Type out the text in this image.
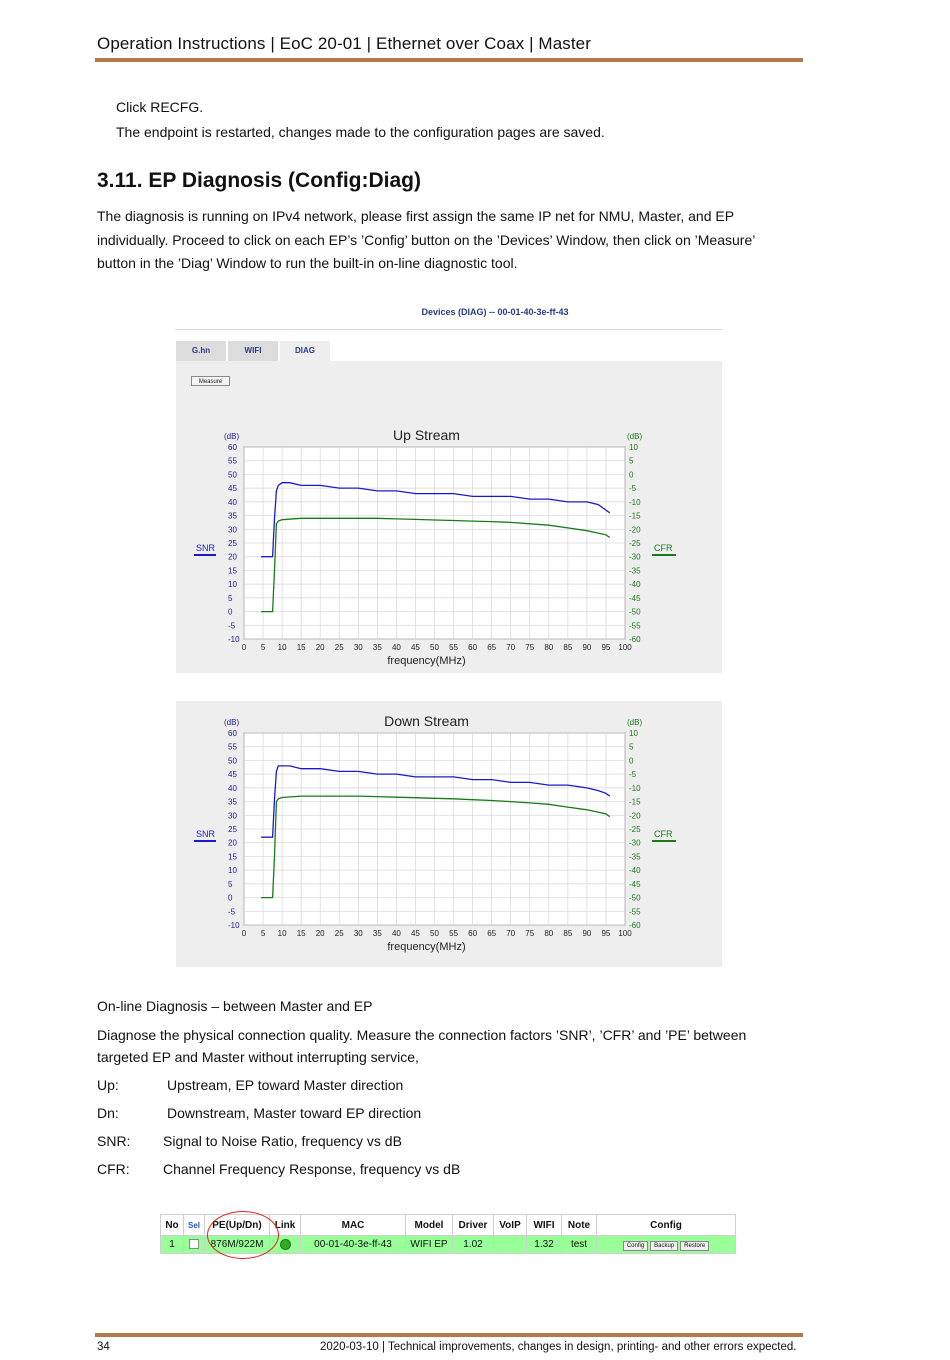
Operation Instructions | EoC 20-01 | Ethernet over Coax | Master
Click RECFG.
The endpoint is restarted, changes made to the configuration pages are saved.
3.11. EP Diagnosis (Config:Diag)
The diagnosis is running on IPv4 network, please first assign the same IP net for NMU, Master, and EP individually. Proceed to click on each EP’s ’Config’ button on the ’Devices’ Window, then click on ’Measure’ button in the ’Diag’ Window to run the built-in on-line diagnostic tool.
Devices (DIAG) -- 00-01-40-3e-ff-43
G.hn	WIFI	DIAG
Measure
0 5 10 15 20 25 30 35 40 45 50 55 60 65 70 75 80 85 90 95 100
60	10
55	5
50	0
45	-5
40	-10
35	-15
30	-20
25	-25
20	-30
15	-35
10	-40
5	-45
0	-50
-5	-55
-10	-60
(dB)	(dB)
Up Stream
frequency(MHz)
SNR	CFR
0 5 10 15 20 25 30 35 40 45 50 55 60 65 70 75 80 85 90 95 100
60	10
55	5
50	0
45	-5
40	-10
35	-15
30	-20
25	-25
20	-30
15	-35
10	-40
5	-45
0	-50
-5	-55
-10	-60
(dB)	(dB)
Down Stream
frequency(MHz)
SNR	CFR
On-line Diagnosis – between Master and EP
Diagnose the physical connection quality. Measure the connection factors ’SNR’, ’CFR’ and ’PE’ between targeted EP and Master without interrupting service,
Up:	Upstream, EP toward Master direction
Dn:	Downstream, Master toward EP direction
SNR: Signal to Noise Ratio, frequency vs dB
CFR: Channel Frequency Response, frequency vs dB
No	Sel	PE(Up/Dn)	Link	MAC	Model	Driver	VoIP	WIFI	Note	Config
1		876M/922M		00-01-40-3e-ff-43	WIFI EP	1.02		1.32	test	Config Backup Restore
34	2020-03-10 | Technical improvements, changes in design, printing- and other errors expected.
